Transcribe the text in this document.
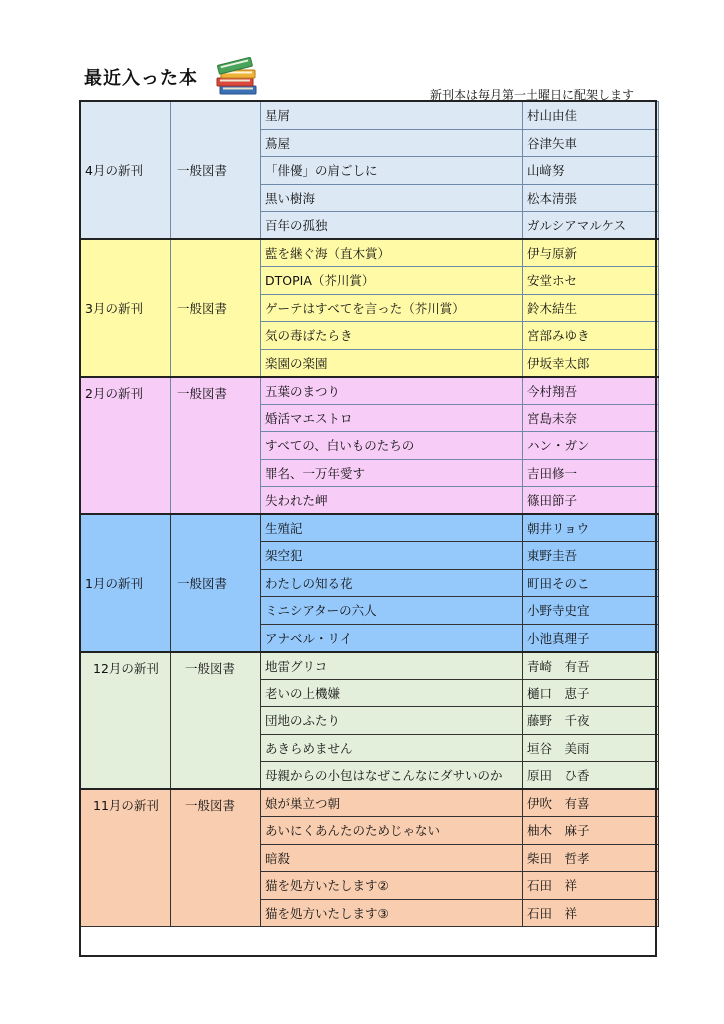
最近入った本
新刊本は毎月第一土曜日に配架します
4月の新刊	一般図書	星屑	村山由佳
		蔦屋	谷津矢車
		「俳優」の肩ごしに	山﨑努
		黒い樹海	松本清張
		百年の孤独	ガルシアマルケス
3月の新刊	一般図書	藍を継ぐ海（直木賞）	伊与原新
		DTOPIA（芥川賞）	安堂ホセ
		ゲーテはすべてを言った（芥川賞）	鈴木結生
		気の毒ばたらき	宮部みゆき
		楽園の楽園	伊坂幸太郎
2月の新刊	一般図書	五葉のまつり	今村翔吾
		婚活マエストロ	宮島未奈
		すべての、白いものたちの	ハン・ガン
		罪名、一万年愛す	吉田修一
		失われた岬	篠田節子
1月の新刊	一般図書	生殖記	朝井リョウ
		架空犯	東野圭吾
		わたしの知る花	町田そのこ
		ミニシアターの六人	小野寺史宜
		アナベル・リイ	小池真理子
12月の新刊	一般図書	地雷グリコ	青崎　有吾
		老いの上機嫌	樋口　恵子
		団地のふたり	藤野　千夜
		あきらめません	垣谷　美雨
		母親からの小包はなぜこんなにダサいのか	原田　ひ香
11月の新刊	一般図書	娘が巣立つ朝	伊吹　有喜
		あいにくあんたのためじゃない	柚木　麻子
		暗殺	柴田　哲孝
		猫を処方いたします②	石田　祥
		猫を処方いたします③	石田　祥
